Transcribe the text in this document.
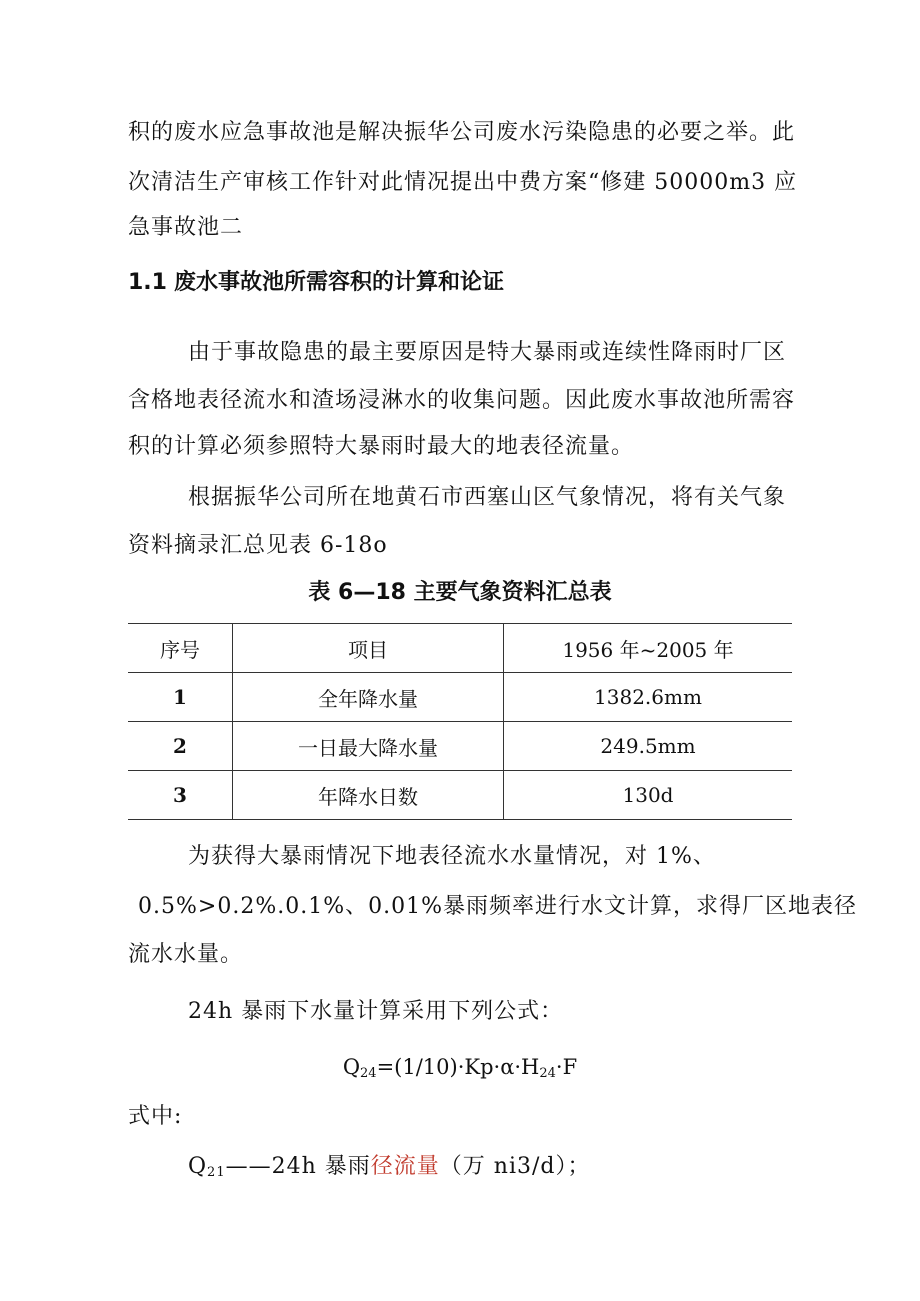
积的废水应急事故池是解决振华公司废水污染隐患的必要之举。此
次清洁生产审核工作针对此情况提出中费方案“修建 50000m3 应
急事故池二
1.1 废水事故池所需容积的计算和论证
由于事故隐患的最主要原因是特大暴雨或连续性降雨时厂区
含格地表径流水和渣场浸淋水的收集问题。因此废水事故池所需容
积的计算必须参照特大暴雨时最大的地表径流量。
根据振华公司所在地黄石市西塞山区气象情况，将有关气象
资料摘录汇总见表 6-18o
表 6—18 主要气象资料汇总表
序号	项目	1956 年~2005 年
1	全年降水量	1382.6mm
2	一日最大降水量	249.5mm
3	年降水日数	130d
为获得大暴雨情况下地表径流水水量情况，对 1%、
0.5%>0.2%.0.1%、0.01%暴雨频率进行水文计算，求得厂区地表径
流水水量。
24h 暴雨下水量计算采用下列公式：
$Q_{24}=(1/10)\cdot Kp\cdot\alpha\cdot H_{24}\cdot F$
式中:
$Q_{21}——24h$ 暴雨径流量（万 ni3/d）；
